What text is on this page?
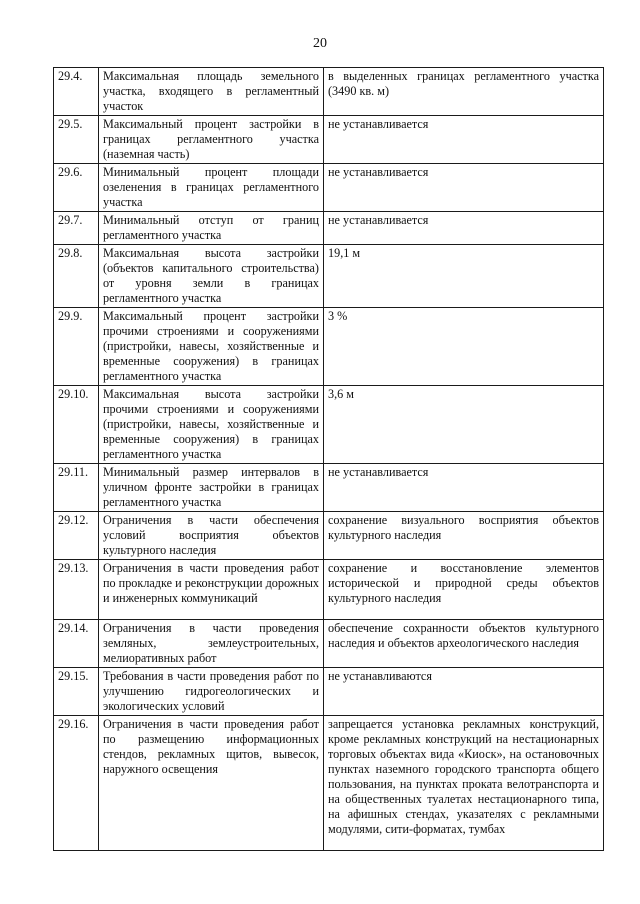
20
29.4.	Максимальная площадь земельного участка, входящего в регламентный участок	в выделенных границах регламентного участка (3490 кв. м)
29.5.	Максимальный процент застройки в границах регламентного участка (наземная часть)	не устанавливается
29.6.	Минимальный процент площади озеленения в границах регламентного участка	не устанавливается
29.7.	Минимальный отступ от границ регламентного участка	не устанавливается
29.8.	Максимальная высота застройки (объектов капитального строительства) от уровня земли в границах регламентного участка	19,1 м
29.9.	Максимальный процент застройки прочими строениями и сооружениями (пристройки, навесы, хозяйственные и временные сооружения) в границах регламентного участка	3 %
29.10.	Максимальная высота застройки прочими строениями и сооружениями (пристройки, навесы, хозяйственные и временные сооружения) в границах регламентного участка	3,6 м
29.11.	Минимальный размер интервалов в уличном фронте застройки в границах регламентного участка	не устанавливается
29.12.	Ограничения в части обеспечения условий восприятия объектов культурного наследия	сохранение визуального восприятия объектов культурного наследия
29.13.	Ограничения в части проведения работ по прокладке и реконструкции дорожных и инженерных коммуникаций	сохранение и восстановление элементов исторической и природной среды объектов культурного наследия
29.14.	Ограничения в части проведения земляных, землеустроительных, мелиоративных работ	обеспечение сохранности объектов культурного наследия и объектов археологического наследия
29.15.	Требования в части проведения работ по улучшению гидрогеологических и экологических условий	не устанавливаются
29.16.	Ограничения в части проведения работ по размещению информационных стендов, рекламных щитов, вывесок, наружного освещения	запрещается установка рекламных конструкций, кроме рекламных конструкций на нестационарных торговых объектах вида «Киоск», на остановочных пунктах наземного городского транспорта общего пользования, на пунктах проката велотранспорта и на общественных туалетах нестационарного типа, на афишных стендах, указателях с рекламными модулями, сити-форматах, тумбах
